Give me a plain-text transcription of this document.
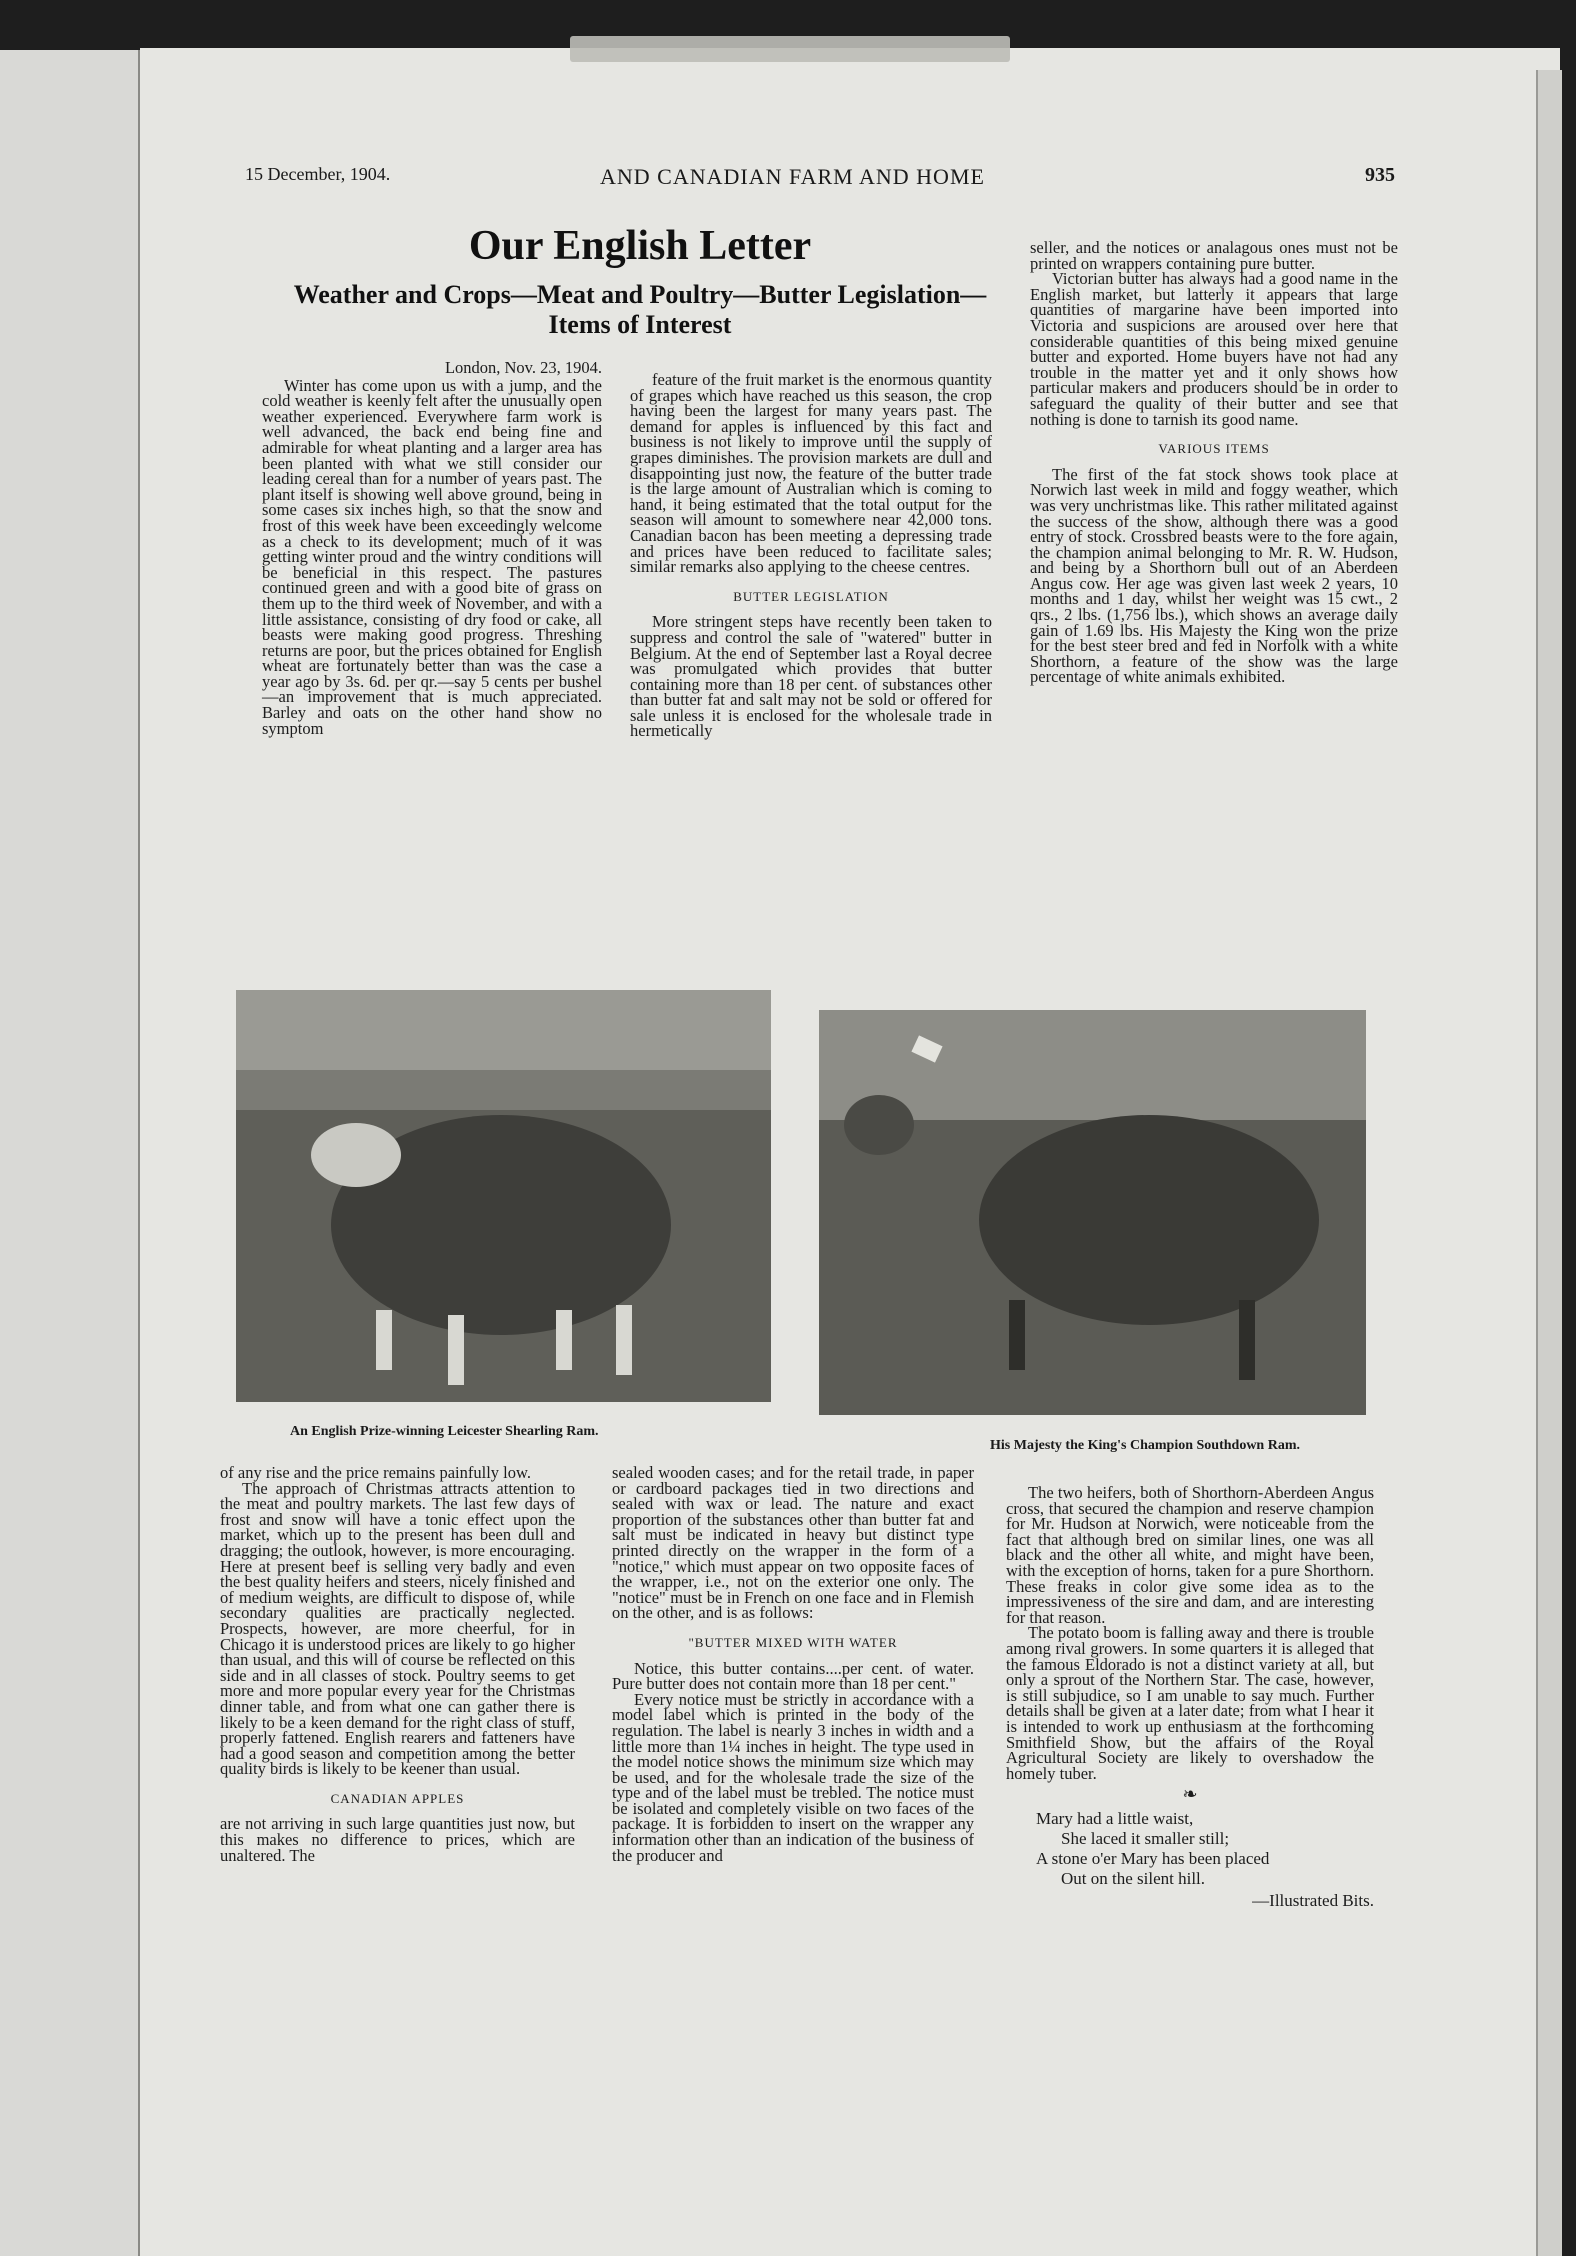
15 December, 1904.	AND CANADIAN FARM AND HOME	935
Our English Letter
Weather and Crops—Meat and Poultry—Butter Legislation—
Items of Interest

London, Nov. 23, 1904.

Winter has come upon us with a jump, and the cold weather is keenly felt after the unusually open weather experienced. Everywhere farm work is well advanced, the back end being fine and admirable for wheat planting and a larger area has been planted with what we still consider our leading cereal than for a number of years past. The plant itself is showing well above ground, being in some cases six inches high, so that the snow and frost of this week have been exceedingly welcome as a check to its development; much of it was getting winter proud and the wintry conditions will be beneficial in this respect. The pastures continued green and with a good bite of grass on them up to the third week of November, and with a little assistance, consisting of dry food or cake, all beasts were making good progress. Threshing returns are poor, but the prices obtained for English wheat are fortunately better than was the case a year ago by 3s. 6d. per qr.—say 5 cents per bushel—an improvement that is much appreciated. Barley and oats on the other hand show no symptom

feature of the fruit market is the enormous quantity of grapes which have reached us this season, the crop having been the largest for many years past. The demand for apples is influenced by this fact and business is not likely to improve until the supply of grapes diminishes. The provision markets are dull and disappointing just now, the feature of the butter trade is the large amount of Australian which is coming to hand, it being estimated that the total output for the season will amount to somewhere near 42,000 tons. Canadian bacon has been meeting a depressing trade and prices have been reduced to facilitate sales; similar remarks also applying to the cheese centres.

BUTTER LEGISLATION

More stringent steps have recently been taken to suppress and control the sale of "watered" butter in Belgium. At the end of September last a Royal decree was promulgated which provides that butter containing more than 18 per cent. of substances other than butter fat and salt may not be sold or offered for sale unless it is enclosed for the wholesale trade in hermetically

seller, and the notices or analagous ones must not be printed on wrappers containing pure butter.

Victorian butter has always had a good name in the English market, but latterly it appears that large quantities of margarine have been imported into Victoria and suspicions are aroused over here that considerable quantities of this being mixed genuine butter and exported. Home buyers have not had any trouble in the matter yet and it only shows how particular makers and producers should be in order to safeguard the quality of their butter and see that nothing is done to tarnish its good name.

VARIOUS ITEMS

The first of the fat stock shows took place at Norwich last week in mild and foggy weather, which was very unchristmas like. This rather militated against the success of the show, although there was a good entry of stock. Crossbred beasts were to the fore again, the champion animal belonging to Mr. R. W. Hudson, and being by a Shorthorn bull out of an Aberdeen Angus cow. Her age was given last week 2 years, 10 months and 1 day, whilst her weight was 15 cwt., 2 qrs., 2 lbs. (1,756 lbs.), which shows an average daily gain of 1.69 lbs. His Majesty the King won the prize for the best steer bred and fed in Norfolk with a white Shorthorn, a feature of the show was the large percentage of white animals exhibited.

An English Prize-winning Leicester Shearling Ram.
His Majesty the King's Champion Southdown Ram.

of any rise and the price remains painfully low.

The approach of Christmas attracts attention to the meat and poultry markets. The last few days of frost and snow will have a tonic effect upon the market, which up to the present has been dull and dragging; the outlook, however, is more encouraging. Here at present beef is selling very badly and even the best quality heifers and steers, nicely finished and of medium weights, are difficult to dispose of, while secondary qualities are practically neglected. Prospects, however, are more cheerful, for in Chicago it is understood prices are likely to go higher than usual, and this will of course be reflected on this side and in all classes of stock. Poultry seems to get more and more popular every year for the Christmas dinner table, and from what one can gather there is likely to be a keen demand for the right class of stuff, properly fattened. English rearers and fatteners have had a good season and competition among the better quality birds is likely to be keener than usual.

CANADIAN APPLES

are not arriving in such large quantities just now, but this makes no difference to prices, which are unaltered. The

sealed wooden cases; and for the retail trade, in paper or cardboard packages tied in two directions and sealed with wax or lead. The nature and exact proportion of the substances other than butter fat and salt must be indicated in heavy but distinct type printed directly on the wrapper in the form of a "notice," which must appear on two opposite faces of the wrapper, i.e., not on the exterior one only. The "notice" must be in French on one face and in Flemish on the other, and is as follows:

"BUTTER MIXED WITH WATER

Notice, this butter contains....per cent. of water. Pure butter does not contain more than 18 per cent."

Every notice must be strictly in accordance with a model label which is printed in the body of the regulation. The label is nearly 3 inches in width and a little more than 1¼ inches in height. The type used in the model notice shows the minimum size which may be used, and for the wholesale trade the size of the type and of the label must be trebled. The notice must be isolated and completely visible on two faces of the package. It is forbidden to insert on the wrapper any information other than an indication of the business of the producer and

The two heifers, both of Shorthorn-Aberdeen Angus cross, that secured the champion and reserve champion for Mr. Hudson at Norwich, were noticeable from the fact that although bred on similar lines, one was all black and the other all white, and might have been, with the exception of horns, taken for a pure Shorthorn. These freaks in color give some idea as to the impressiveness of the sire and dam, and are interesting for that reason.

The potato boom is falling away and there is trouble among rival growers. In some quarters it is alleged that the famous Eldorado is not a distinct variety at all, but only a sprout of the Northern Star. The case, however, is still subjudice, so I am unable to say much. Further details shall be given at a later date; from what I hear it is intended to work up enthusiasm at the forthcoming Smithfield Show, but the affairs of the Royal Agricultural Society are likely to overshadow the homely tuber.

❧

Mary had a little waist,

She laced it smaller still;

A stone o'er Mary has been placed

Out on the silent hill.

—Illustrated Bits.
